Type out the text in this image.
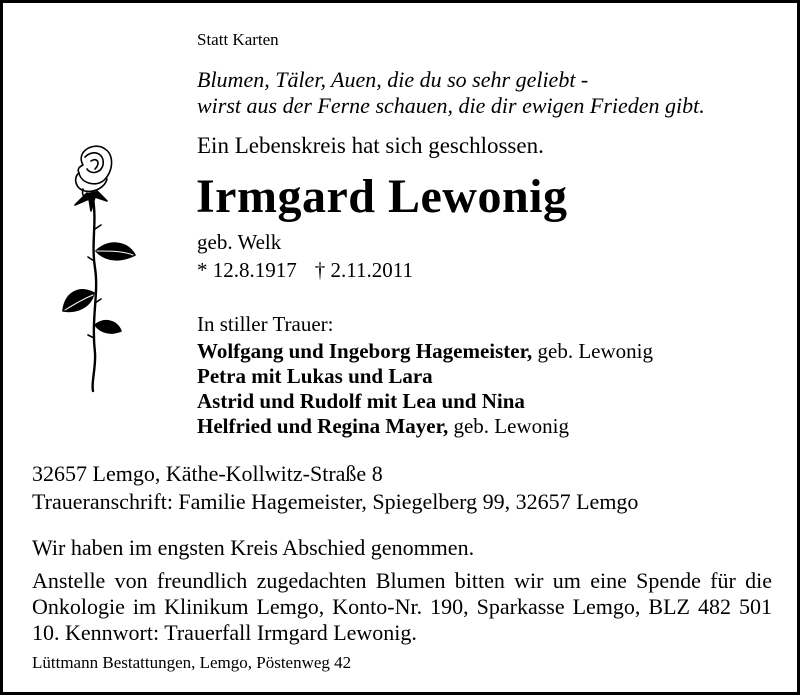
Statt Karten
Blumen, Täler, Auen, die du so sehr geliebt -
wirst aus der Ferne schauen, die dir ewigen Frieden gibt.
Ein Lebenskreis hat sich geschlossen.
Irmgard Lewonig
geb. Welk
* 12.8.1917 † 2.11.2011
In stiller Trauer:
Wolfgang und Ingeborg Hagemeister, geb. Lewonig
Petra mit Lukas und Lara
Astrid und Rudolf mit Lea und Nina
Helfried und Regina Mayer, geb. Lewonig
32657 Lemgo, Käthe-Kollwitz-Straße 8
Traueranschrift: Familie Hagemeister, Spiegelberg 99, 32657 Lemgo
Wir haben im engsten Kreis Abschied genommen.
Anstelle von freundlich zugedachten Blumen bitten wir um eine Spende für die Onkologie im Klinikum Lemgo, Konto-Nr. 190, Sparkasse Lemgo, BLZ 482 501 10. Kennwort: Trauerfall Irmgard Lewonig.
Lüttmann Bestattungen, Lemgo, Pöstenweg 42
